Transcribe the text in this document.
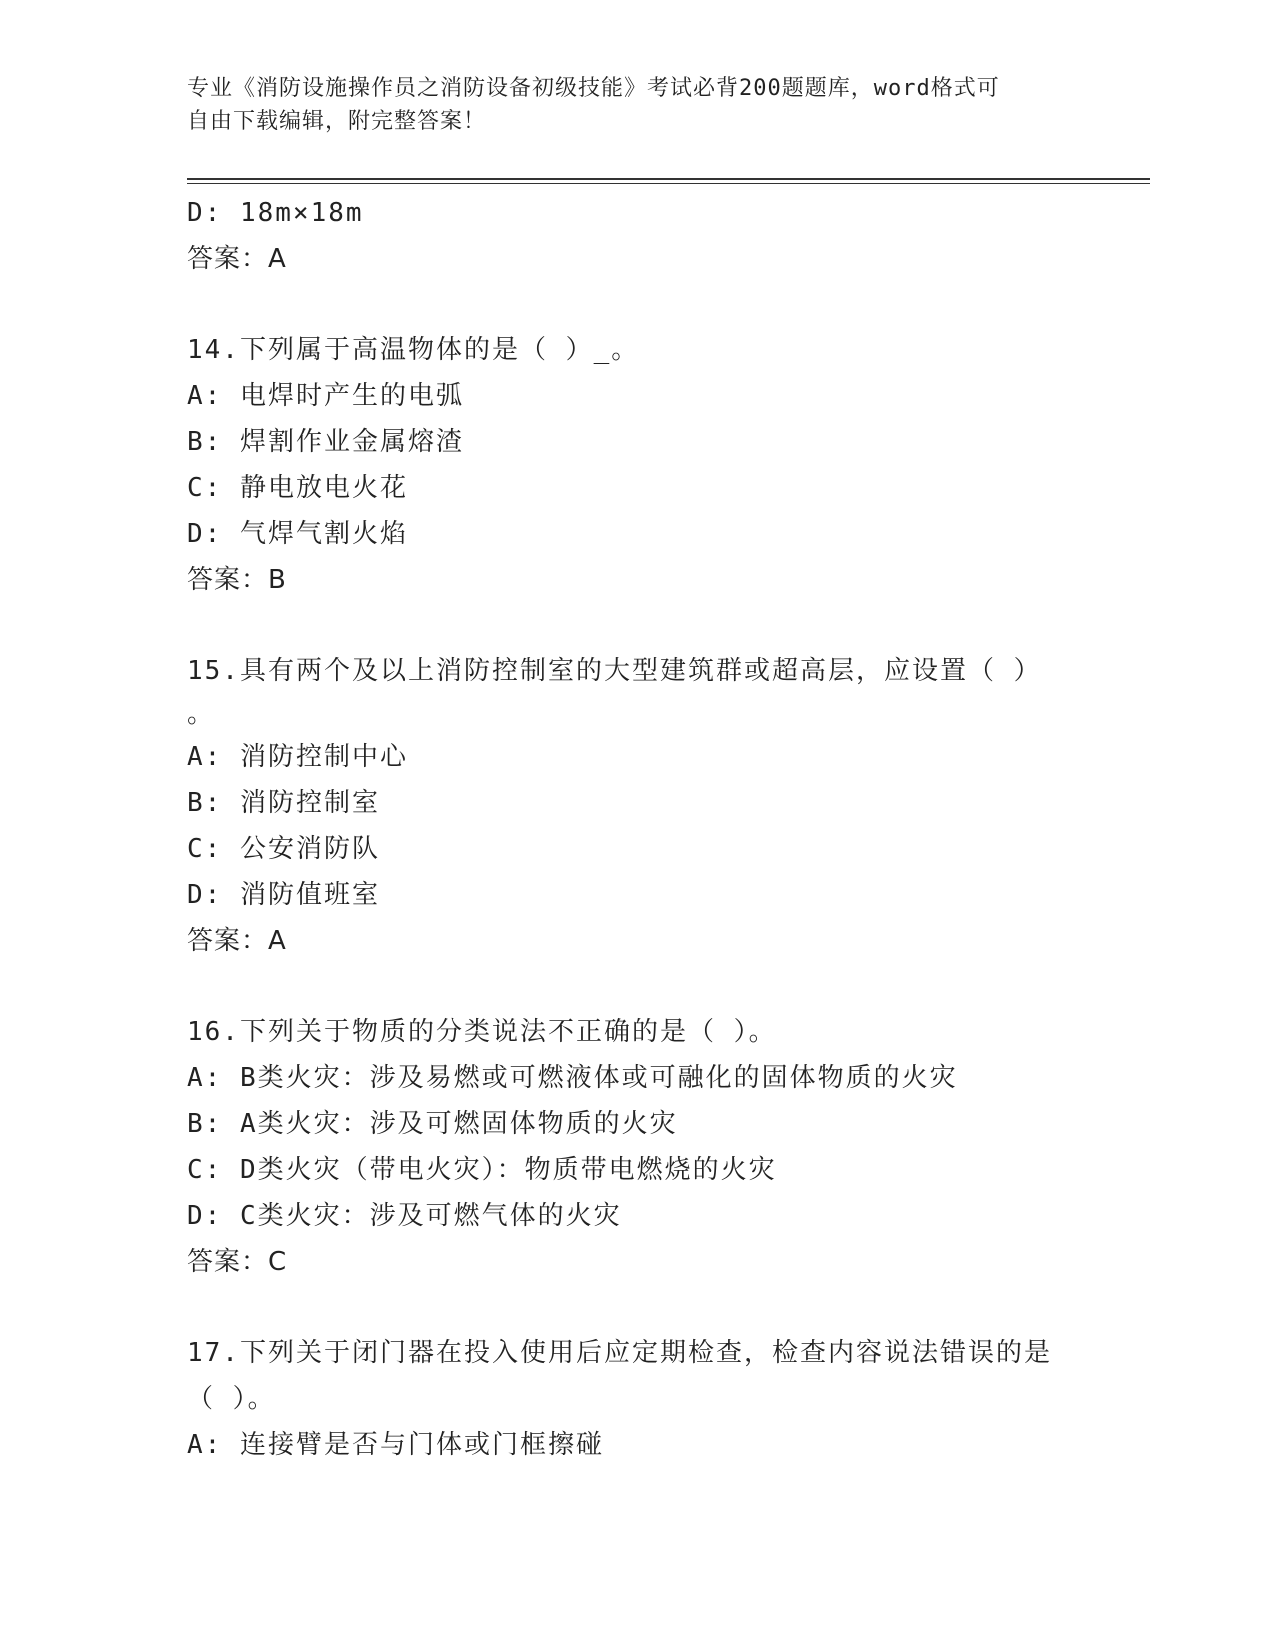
专业《消防设施操作员之消防设备初级技能》考试必背200题题库，word格式可
自由下载编辑，附完整答案！
D: 18m×18m
答案：A
14.下列属于高温物体的是（ ）_。
A: 电焊时产生的电弧
B: 焊割作业金属熔渣
C: 静电放电火花
D: 气焊气割火焰
答案：B
15.具有两个及以上消防控制室的大型建筑群或超高层，应设置（ ）
。
A: 消防控制中心
B: 消防控制室
C: 公安消防队
D: 消防值班室
答案：A
16.下列关于物质的分类说法不正确的是（ ）。
A: B类火灾：涉及易燃或可燃液体或可融化的固体物质的火灾
B: A类火灾：涉及可燃固体物质的火灾
C: D类火灾（带电火灾）：物质带电燃烧的火灾
D: C类火灾：涉及可燃气体的火灾
答案：C
17.下列关于闭门器在投入使用后应定期检查，检查内容说法错误的是
（ ）。
A: 连接臂是否与门体或门框擦碰
